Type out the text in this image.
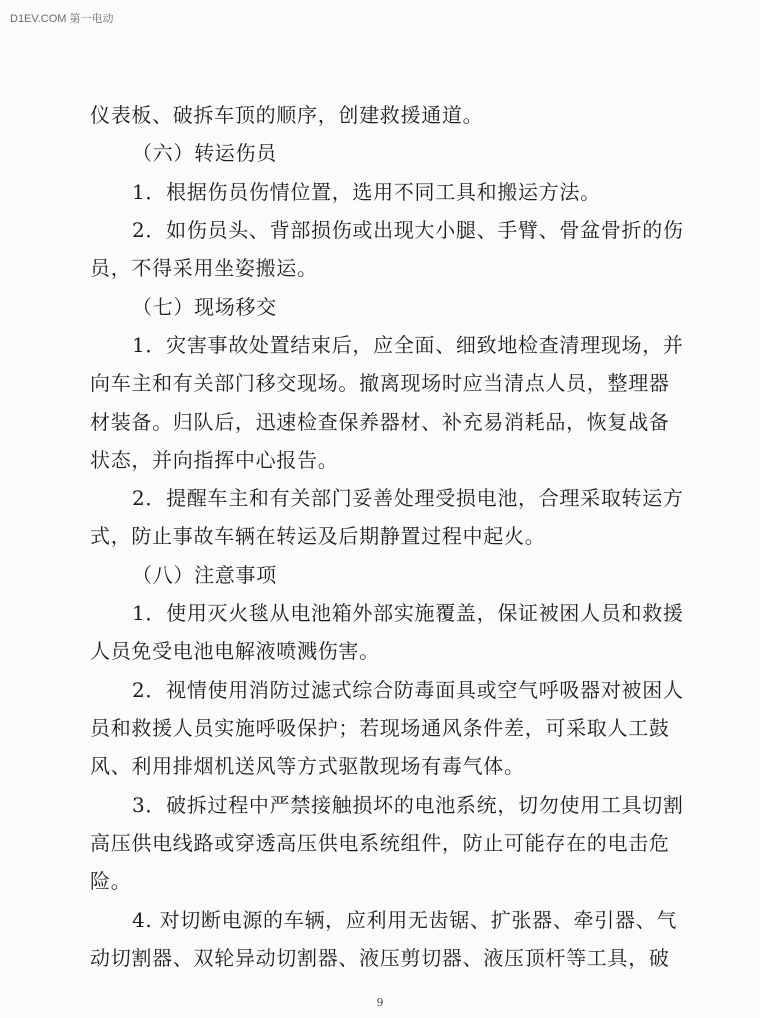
D1EV.COM 第一电动
仪表板、破拆车顶的顺序，创建救援通道。
（六）转运伤员
1．根据伤员伤情位置，选用不同工具和搬运方法。
2．如伤员头、背部损伤或出现大小腿、手臂、骨盆骨折的伤
员，不得采用坐姿搬运。
（七）现场移交
1．灾害事故处置结束后，应全面、细致地检查清理现场，并
向车主和有关部门移交现场。撤离现场时应当清点人员，整理器
材装备。归队后，迅速检查保养器材、补充易消耗品，恢复战备
状态，并向指挥中心报告。
2．提醒车主和有关部门妥善处理受损电池，合理采取转运方
式，防止事故车辆在转运及后期静置过程中起火。
（八）注意事项
1．使用灭火毯从电池箱外部实施覆盖，保证被困人员和救援
人员免受电池电解液喷溅伤害。
2．视情使用消防过滤式综合防毒面具或空气呼吸器对被困人
员和救援人员实施呼吸保护；若现场通风条件差，可采取人工鼓
风、利用排烟机送风等方式驱散现场有毒气体。
3．破拆过程中严禁接触损坏的电池系统，切勿使用工具切割
高压供电线路或穿透高压供电系统组件，防止可能存在的电击危
险。
4. 对切断电源的车辆，应利用无齿锯、扩张器、牵引器、气
动切割器、双轮异动切割器、液压剪切器、液压顶杆等工具，破
9
